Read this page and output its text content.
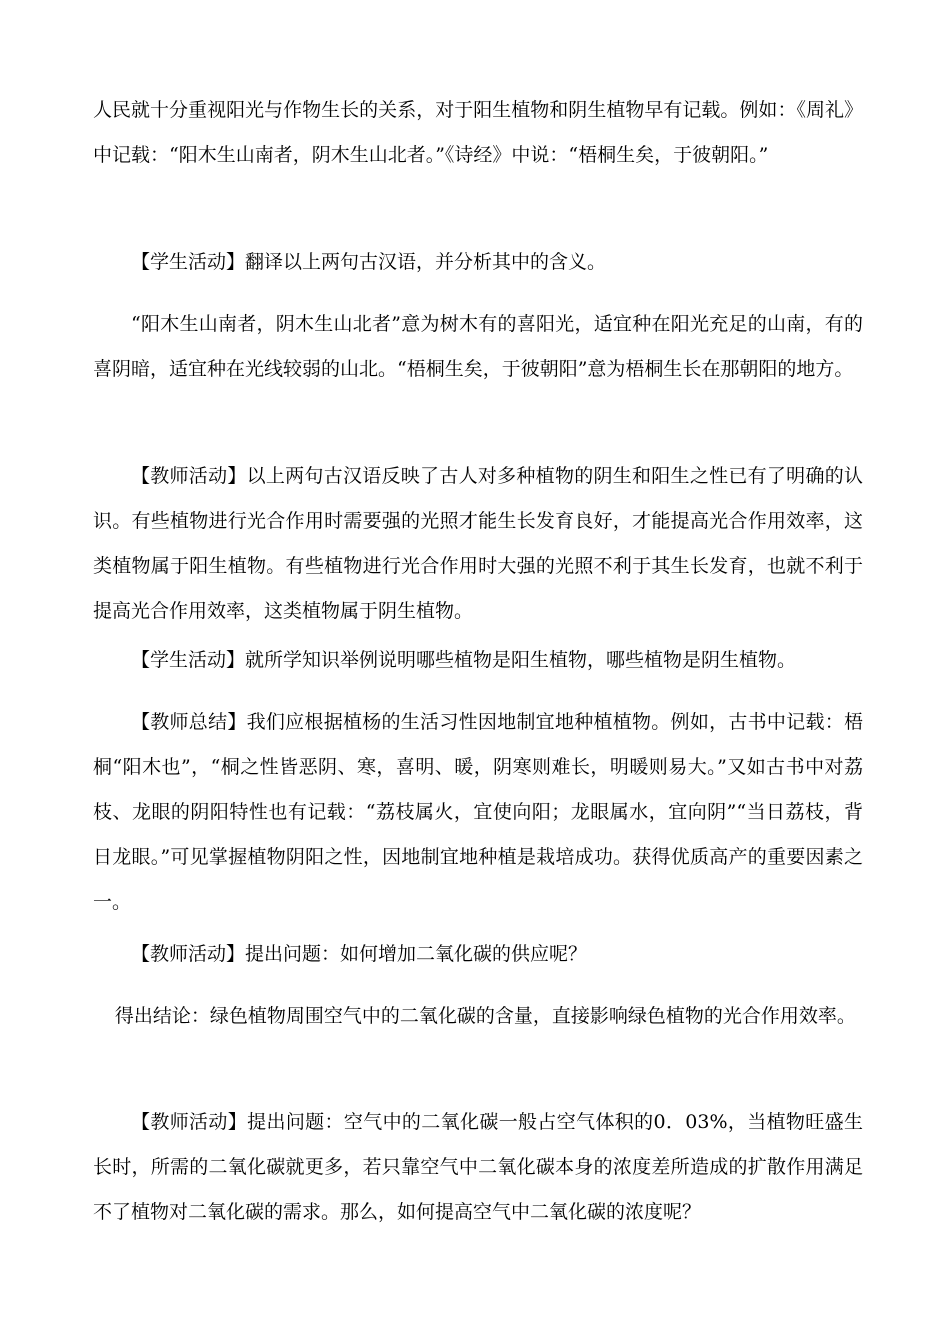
人民就十分重视阳光与作物生长的关系，对于阳生植物和阴生植物早有记载。例如：《周礼》中记载：“阳木生山南者，阴木生山北者。”《诗经》中说：“梧桐生矣，于彼朝阳。”

【学生活动】翻译以上两句古汉语，并分析其中的含义。

“阳木生山南者，阴木生山北者”意为树木有的喜阳光，适宜种在阳光充足的山南，有的喜阴暗，适宜种在光线较弱的山北。“梧桐生矣，于彼朝阳”意为梧桐生长在那朝阳的地方。

【教师活动】以上两句古汉语反映了古人对多种植物的阴生和阳生之性已有了明确的认识。有些植物进行光合作用时需要强的光照才能生长发育良好，才能提高光合作用效率，这类植物属于阳生植物。有些植物进行光合作用时大强的光照不利于其生长发育，也就不利于提高光合作用效率，这类植物属于阴生植物。

【学生活动】就所学知识举例说明哪些植物是阳生植物，哪些植物是阴生植物。

【教师总结】我们应根据植杨的生活习性因地制宜地种植植物。例如，古书中记载：梧桐“阳木也”，“桐之性皆恶阴、寒，喜明、暖，阴寒则难长，明暖则易大。”又如古书中对荔枝、龙眼的阴阳特性也有记载：“荔枝属火，宜使向阳；龙眼属水，宜向阴”“当日荔枝，背日龙眼。”可见掌握植物阴阳之性，因地制宜地种植是栽培成功。获得优质高产的重要因素之一。

【教师活动】提出问题：如何增加二氧化碳的供应呢？

得出结论：绿色植物周围空气中的二氧化碳的含量，直接影响绿色植物的光合作用效率。

【教师活动】提出问题：空气中的二氧化碳一般占空气体积的0．03%，当植物旺盛生长时，所需的二氧化碳就更多，若只靠空气中二氧化碳本身的浓度差所造成的扩散作用满足不了植物对二氧化碳的需求。那么，如何提高空气中二氧化碳的浓度呢？
